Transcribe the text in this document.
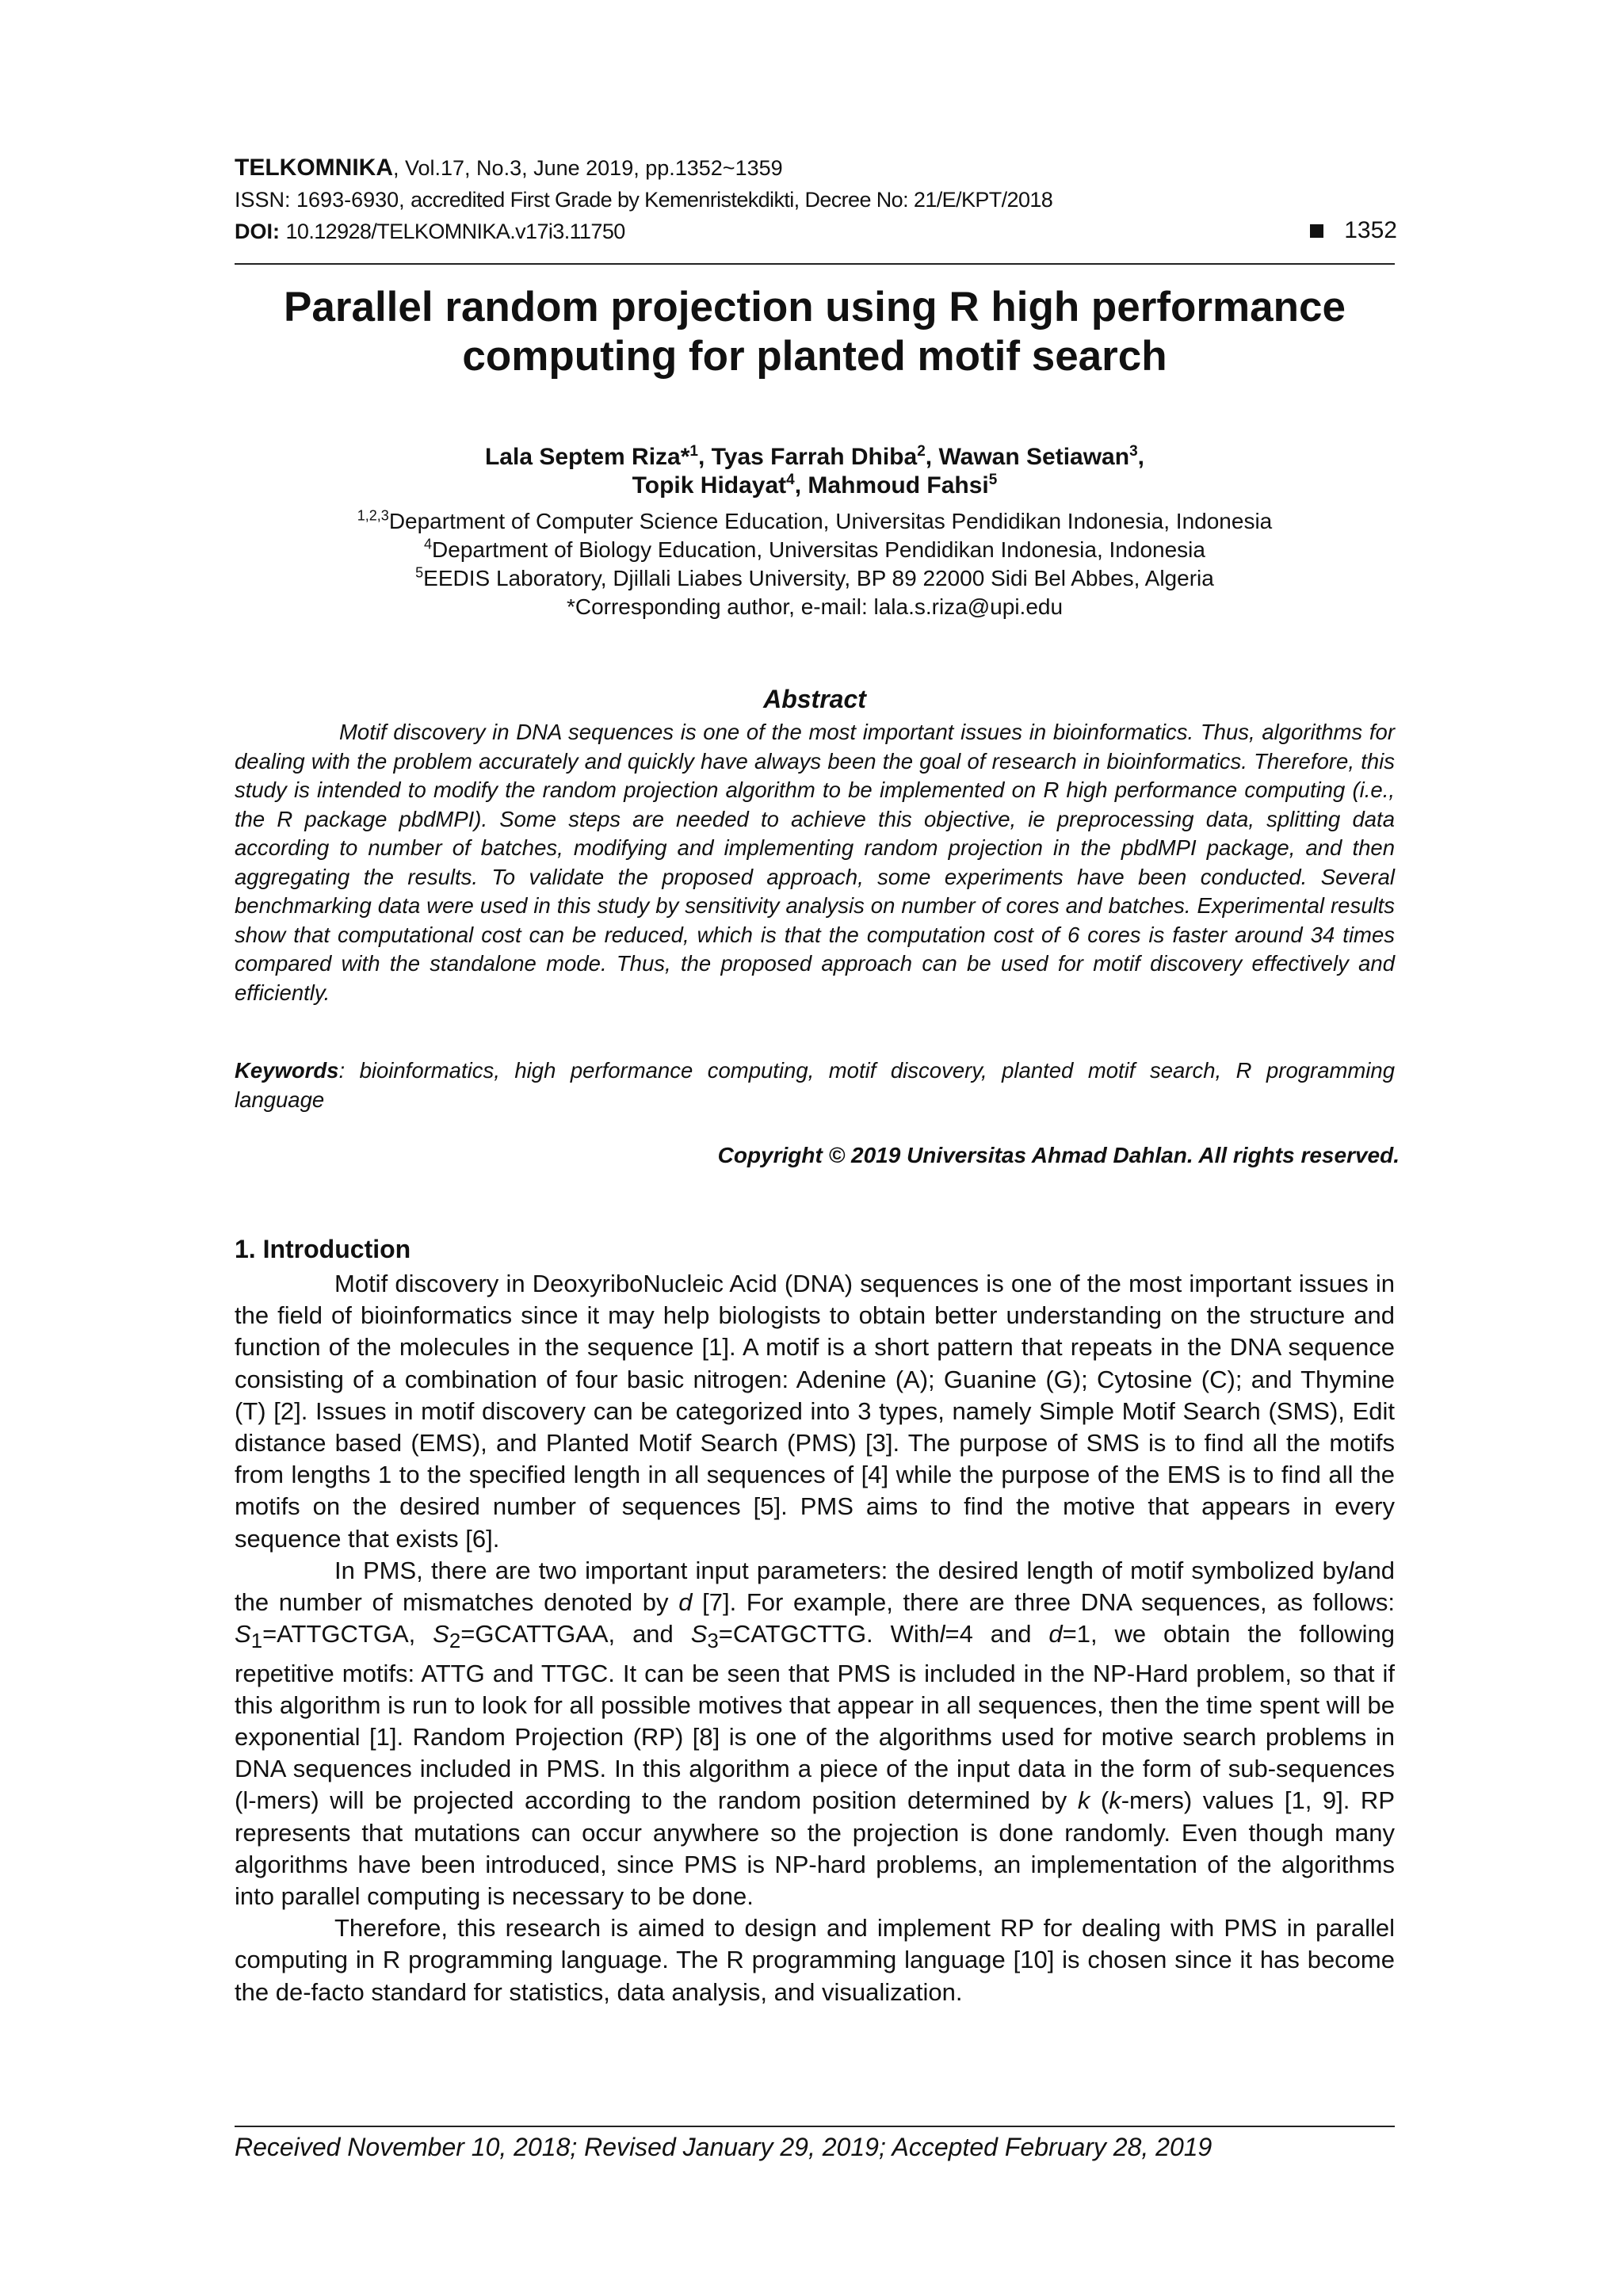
TELKOMNIKA, Vol.17, No.3, June 2019, pp.1352~1359
ISSN: 1693-6930, accredited First Grade by Kemenristekdikti, Decree No: 21/E/KPT/2018
DOI: 10.12928/TELKOMNIKA.v17i3.11750	1352
Parallel random projection using R high performance
computing for planted motif search
Lala Septem Riza*$^1$, Tyas Farrah Dhiba$^2$, Wawan Setiawan$^3$,
Topik Hidayat$^4$, Mahmoud Fahsi$^5$
$^{1,2,3}$Department of Computer Science Education, Universitas Pendidikan Indonesia, Indonesia
$^4$Department of Biology Education, Universitas Pendidikan Indonesia, Indonesia
$^5$EEDIS Laboratory, Djillali Liabes University, BP 89 22000 Sidi Bel Abbes, Algeria
*Corresponding author, e-mail: lala.s.riza@upi.edu
Abstract
Motif discovery in DNA sequences is one of the most important issues in bioinformatics. Thus, algorithms for dealing with the problem accurately and quickly have always been the goal of research in bioinformatics. Therefore, this study is intended to modify the random projection algorithm to be implemented on R high performance computing (i.e., the R package pbdMPI). Some steps are needed to achieve this objective, ie preprocessing data, splitting data according to number of batches, modifying and implementing random projection in the pbdMPI package, and then aggregating the results. To validate the proposed approach, some experiments have been conducted. Several benchmarking data were used in this study by sensitivity analysis on number of cores and batches. Experimental results show that computational cost can be reduced, which is that the computation cost of 6 cores is faster around 34 times compared with the standalone mode. Thus, the proposed approach can be used for motif discovery effectively and efficiently.
Keywords: bioinformatics, high performance computing, motif discovery, planted motif search, R programming language
Copyright © 2019 Universitas Ahmad Dahlan. All rights reserved.
1. Introduction

Motif discovery in DeoxyriboNucleic Acid (DNA) sequences is one of the most important issues in the field of bioinformatics since it may help biologists to obtain better understanding on the structure and function of the molecules in the sequence [1]. A motif is a short pattern that repeats in the DNA sequence consisting of a combination of four basic nitrogen: Adenine (A); Guanine (G); Cytosine (C); and Thymine (T) [2]. Issues in motif discovery can be categorized into 3 types, namely Simple Motif Search (SMS), Edit distance based (EMS), and Planted Motif Search (PMS) [3]. The purpose of SMS is to find all the motifs from lengths 1 to the specified length in all sequences of [4] while the purpose of the EMS is to find all the motifs on the desired number of sequences [5]. PMS aims to find the motive that appears in every sequence that exists [6].

In PMS, there are two important input parameters: the desired length of motif symbolized byland the number of mismatches denoted by d [7]. For example, there are three DNA sequences, as follows: $S_1=ATTGCTGA$, $S_2=GCATTGAA$, and $S_3=CATGCTTG$. Withl=4 and d=1, we obtain the following repetitive motifs: ATTG and TTGC. It can be seen that PMS is included in the NP-Hard problem, so that if this algorithm is run to look for all possible motives that appear in all sequences, then the time spent will be exponential [1]. Random Projection (RP) [8] is one of the algorithms used for motive search problems in DNA sequences included in PMS. In this algorithm a piece of the input data in the form of sub-sequences (l-mers) will be projected according to the random position determined by k (k-mers) values [1, 9]. RP represents that mutations can occur anywhere so the projection is done randomly. Even though many algorithms have been introduced, since PMS is NP-hard problems, an implementation of the algorithms into parallel computing is necessary to be done.

Therefore, this research is aimed to design and implement RP for dealing with PMS in parallel computing in R programming language. The R programming language [10] is chosen since it has become the de-facto standard for statistics, data analysis, and visualization.

Received November 10, 2018; Revised January 29, 2019; Accepted February 28, 2019
